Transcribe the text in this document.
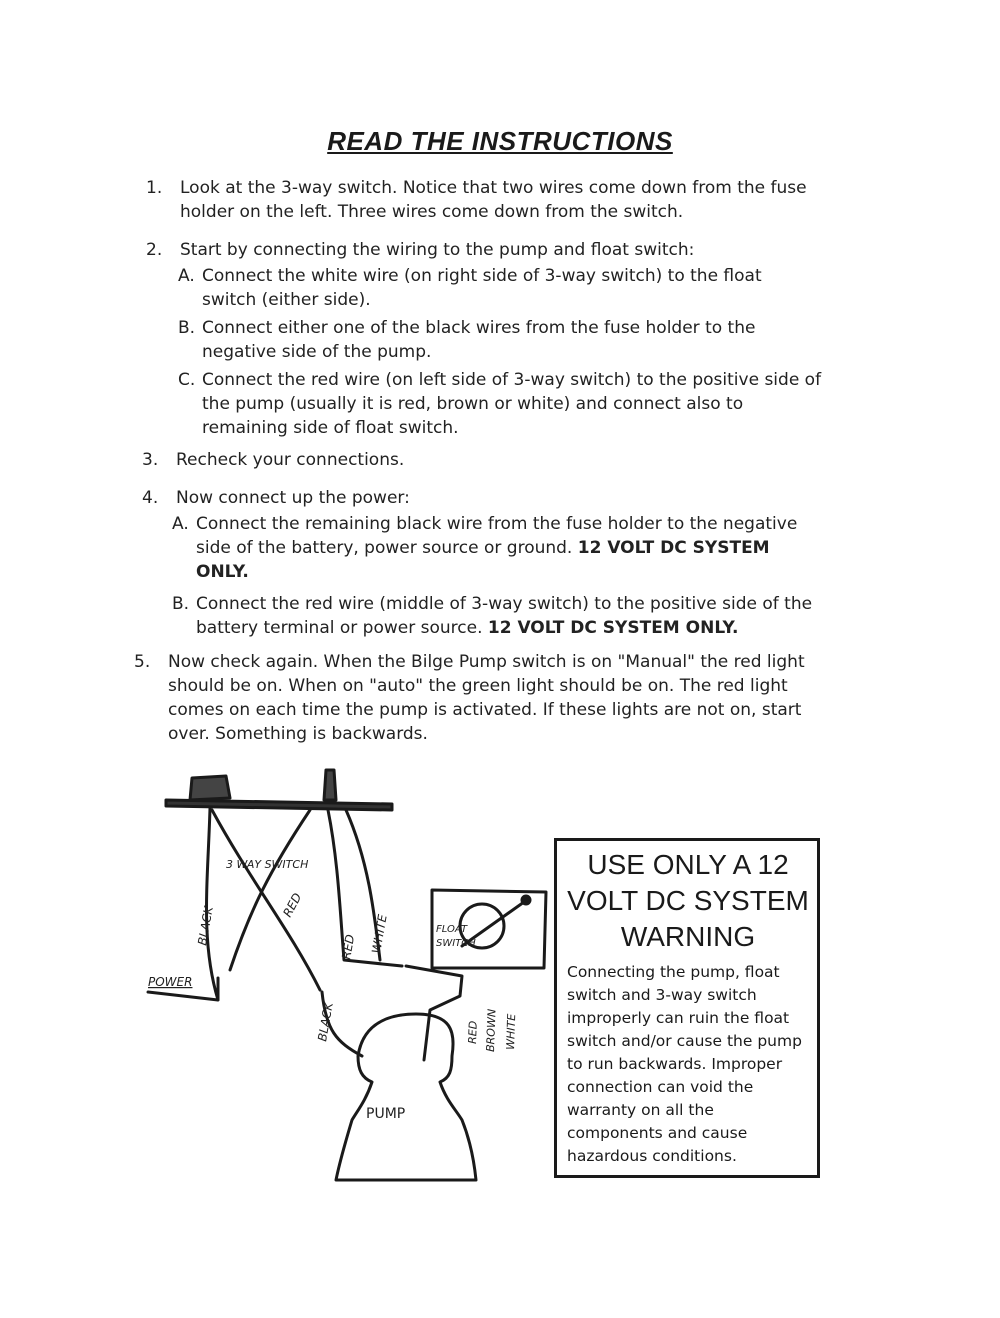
READ THE INSTRUCTIONS
1. Look at the 3-way switch. Notice that two wires come down from the fuse holder on the left. Three wires come down from the switch.
2. Start by connecting the wiring to the pump and float switch:
A. Connect the white wire (on right side of 3-way switch) to the float switch (either side).
B. Connect either one of the black wires from the fuse holder to the negative side of the pump.
C. Connect the red wire (on left side of 3-way switch) to the positive side of the pump (usually it is red, brown or white) and connect also to remaining side of float switch.
3. Recheck your connections.
4. Now connect up the power:
A. Connect the remaining black wire from the fuse holder to the negative side of the battery, power source or ground. 12 VOLT DC SYSTEM ONLY.
B. Connect the red wire (middle of 3-way switch) to the positive side of the battery terminal or power source. 12 VOLT DC SYSTEM ONLY.
5. Now check again. When the Bilge Pump switch is on "Manual" the red light should be on. When on "auto" the green light should be on. The red light comes on each time the pump is activated. If these lights are not on, start over. Something is backwards.
3 WAY SWITCH
BLACK
RED
RED WHITE
POWER
FLOAT
SWITCH
BLACK	RED BROWN WHITE
PUMP
USE ONLY A 12
VOLT DC SYSTEM
WARNING
Connecting the pump, float switch and 3-way switch improperly can ruin the float switch and/or cause the pump to run backwards. Improper connection can void the warranty on all the components and cause hazardous conditions.
